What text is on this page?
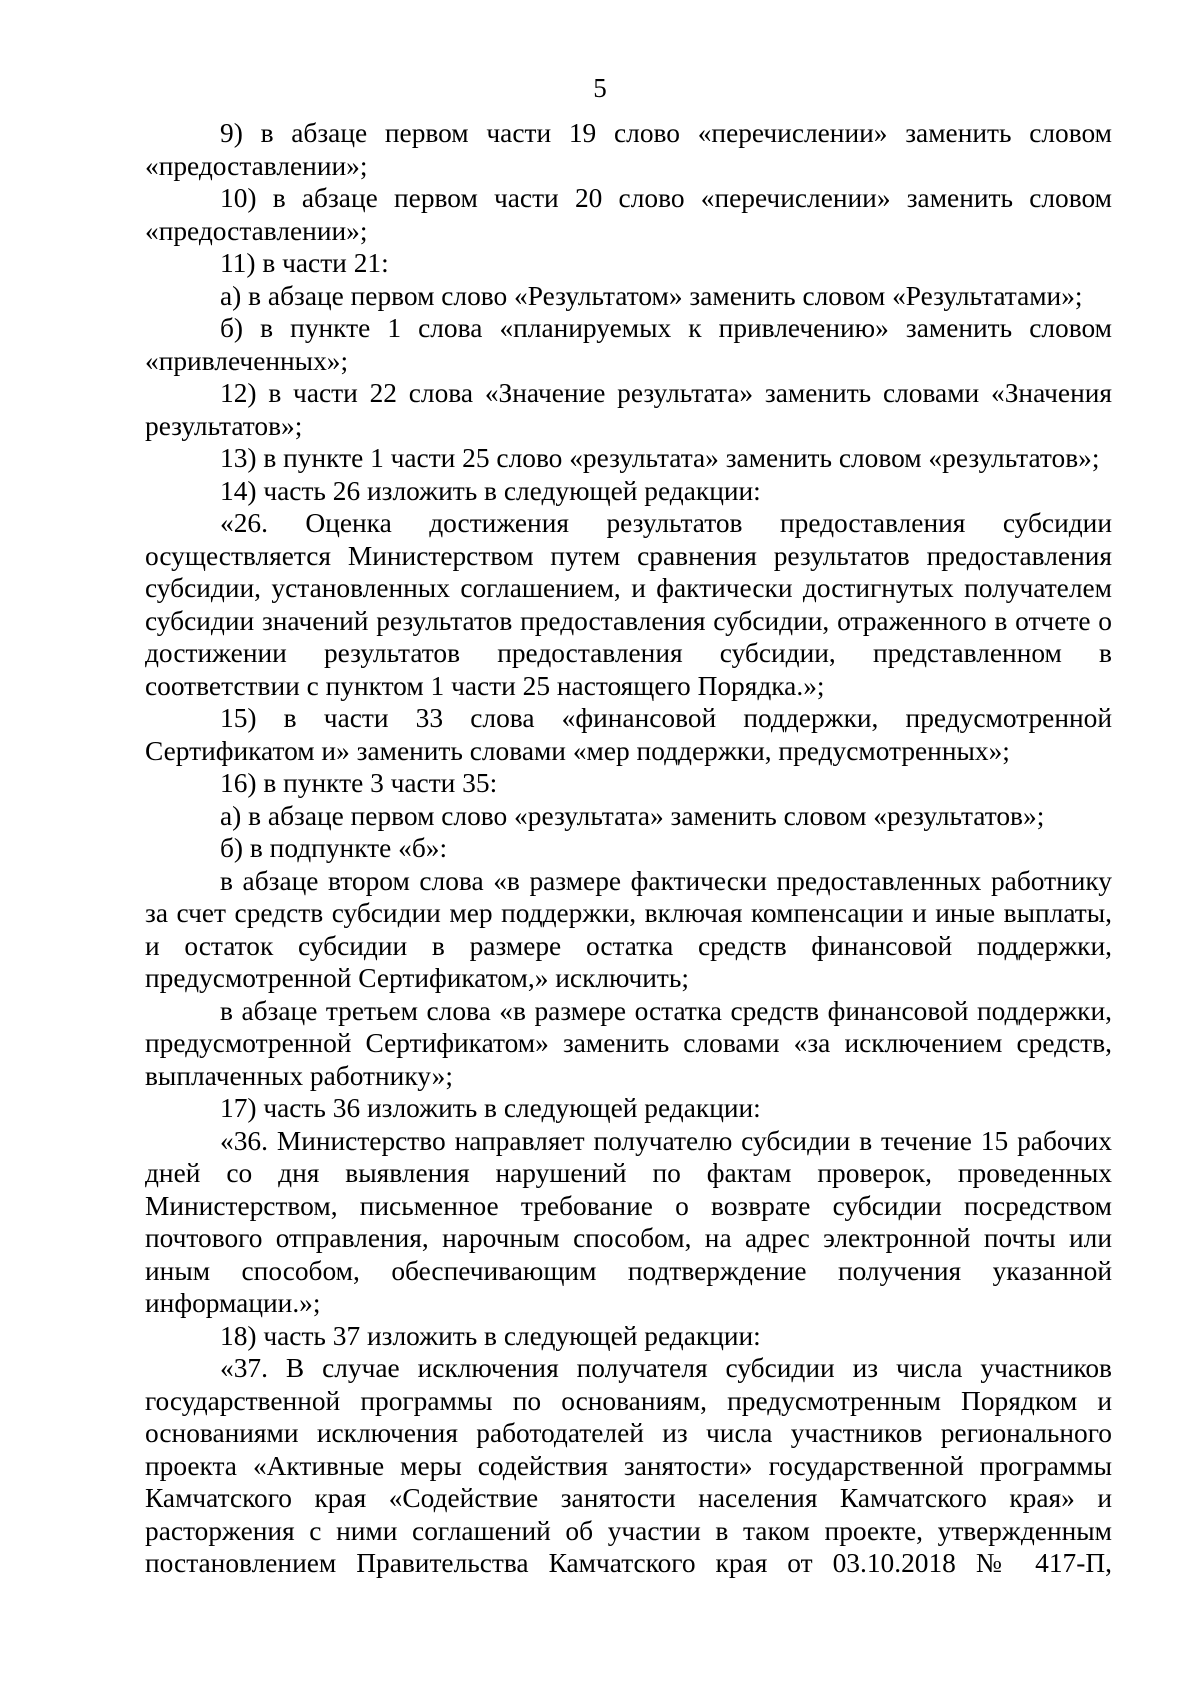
5

9) в абзаце первом части 19 слово «перечислении» заменить словом «предоставлении»;

10) в абзаце первом части 20 слово «перечислении» заменить словом «предоставлении»;

11) в части 21:

а) в абзаце первом слово «Результатом» заменить словом «Результатами»;

б) в пункте 1 слова «планируемых к привлечению» заменить словом «привлеченных»;

12) в части 22 слова «Значение результата» заменить словами «Значения результатов»;

13) в пункте 1 части 25 слово «результата» заменить словом «результатов»;

14) часть 26 изложить в следующей редакции:

«26. Оценка достижения результатов предоставления субсидии осуществляется Министерством путем сравнения результатов предоставления субсидии, установленных соглашением, и фактически достигнутых получателем субсидии значений результатов предоставления субсидии, отраженного в отчете о достижении результатов предоставления субсидии, представленном в соответствии с пунктом 1 части 25 настоящего Порядка.»;

15) в части 33 слова «финансовой поддержки, предусмотренной Сертификатом и» заменить словами «мер поддержки, предусмотренных»;

16) в пункте 3 части 35:

а) в абзаце первом слово «результата» заменить словом «результатов»;

б) в подпункте «б»:

в абзаце втором слова «в размере фактически предоставленных работнику за счет средств субсидии мер поддержки, включая компенсации и иные выплаты, и остаток субсидии в размере остатка средств финансовой поддержки, предусмотренной Сертификатом,» исключить;

в абзаце третьем слова «в размере остатка средств финансовой поддержки, предусмотренной Сертификатом» заменить словами «за исключением средств, выплаченных работнику»;

17) часть 36 изложить в следующей редакции:

«36. Министерство направляет получателю субсидии в течение 15 рабочих дней со дня выявления нарушений по фактам проверок, проведенных Министерством, письменное требование о возврате субсидии посредством почтового отправления, нарочным способом, на адрес электронной почты или иным способом, обеспечивающим подтверждение получения указанной информации.»;

18) часть 37 изложить в следующей редакции:

«37. В случае исключения получателя субсидии из числа участников государственной программы по основаниям, предусмотренным Порядком и основаниями исключения работодателей из числа участников регионального проекта «Активные меры содействия занятости» государственной программы Камчатского края «Содействие занятости населения Камчатского края» и расторжения с ними соглашений об участии в таком проекте, утвержденным постановлением Правительства Камчатского края от 03.10.2018 № 417-П,
